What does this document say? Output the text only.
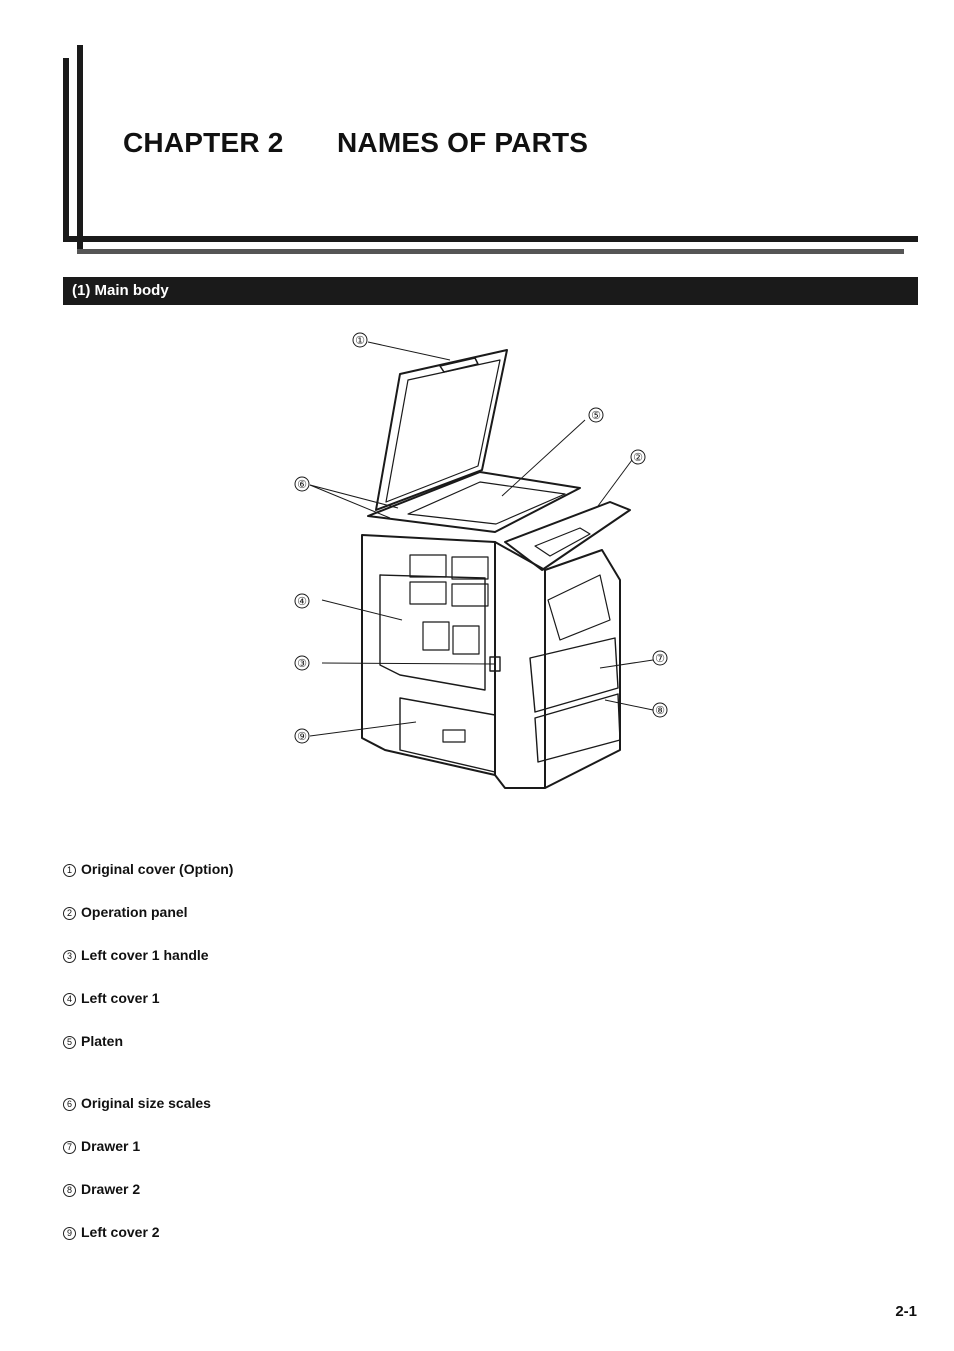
CHAPTER 2 NAMES OF PARTS
(1) Main body
①
⑤
②
⑥
④
③	⑦
⑧
⑨
1 Original cover (Option)
2 Operation panel
3 Left cover 1 handle
4 Left cover 1
5 Platen
6 Original size scales
7 Drawer 1
8 Drawer 2
9 Left cover 2
2-1
